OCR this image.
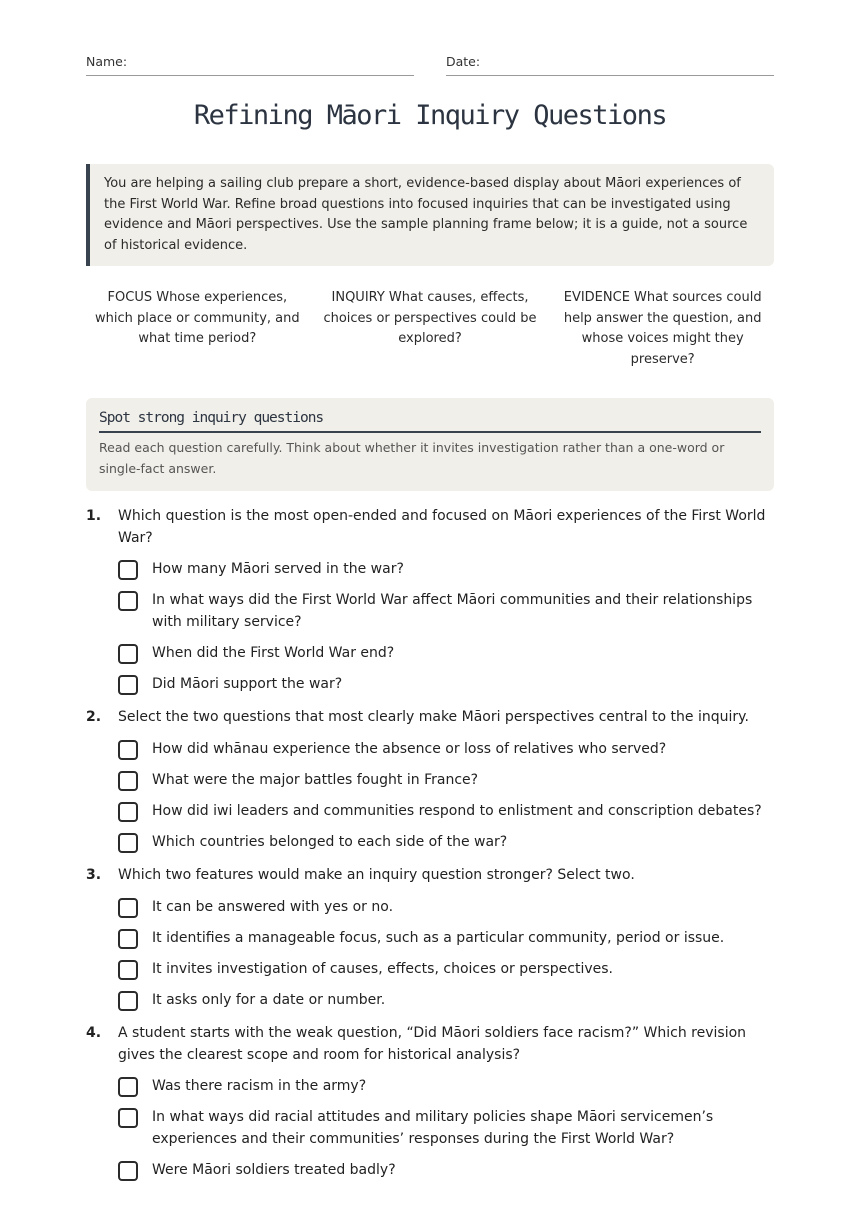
Name:	Date:
Refining Māori Inquiry Questions
You are helping a sailing club prepare a short, evidence-based display about Māori experiences of the First World War. Refine broad questions into focused inquiries that can be investigated using evidence and Māori perspectives. Use the sample planning frame below; it is a guide, not a source of historical evidence.
FOCUS Whose experiences, which place or community, and what time period?
INQUIRY What causes, effects, choices or perspectives could be explored?
EVIDENCE What sources could help answer the question, and whose voices might they preserve?
Spot strong inquiry questions
Read each question carefully. Think about whether it invites investigation rather than a one-word or single-fact answer.
1.	Which question is the most open-ended and focused on Māori experiences of the First World War?
How many Māori served in the war?
In what ways did the First World War affect Māori communities and their relationships with military service?
When did the First World War end?
Did Māori support the war?
2.	Select the two questions that most clearly make Māori perspectives central to the inquiry.
How did whānau experience the absence or loss of relatives who served?
What were the major battles fought in France?
How did iwi leaders and communities respond to enlistment and conscription debates?
Which countries belonged to each side of the war?
3.	Which two features would make an inquiry question stronger? Select two.
It can be answered with yes or no.
It identifies a manageable focus, such as a particular community, period or issue.
It invites investigation of causes, effects, choices or perspectives.
It asks only for a date or number.
4.	A student starts with the weak question, “Did Māori soldiers face racism?” Which revision gives the clearest scope and room for historical analysis?
Was there racism in the army?
In what ways did racial attitudes and military policies shape Māori servicemen’s experiences and their communities’ responses during the First World War?
Were Māori soldiers treated badly?
